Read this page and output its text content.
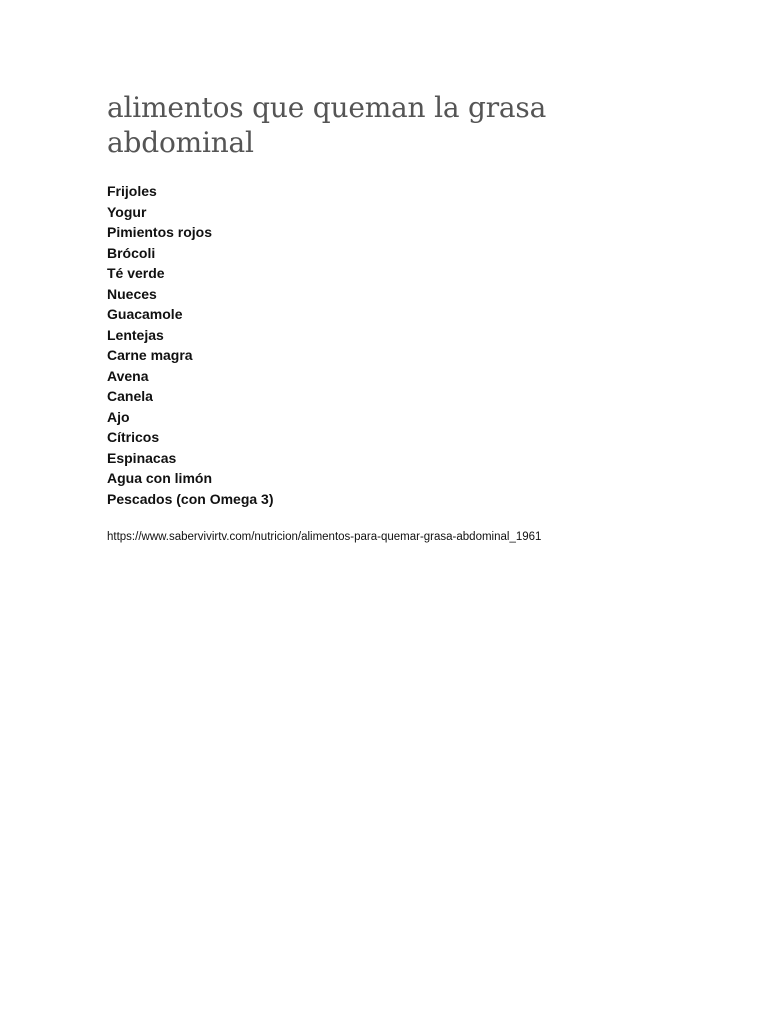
alimentos que queman la grasa abdominal
Frijoles
Yogur
Pimientos rojos
Brócoli
Té verde
Nueces
Guacamole
Lentejas
Carne magra
Avena
Canela
Ajo
Cítricos
Espinacas
Agua con limón
Pescados (con Omega 3)
https://www.sabervivirtv.com/nutricion/alimentos-para-quemar-grasa-abdominal_1961
